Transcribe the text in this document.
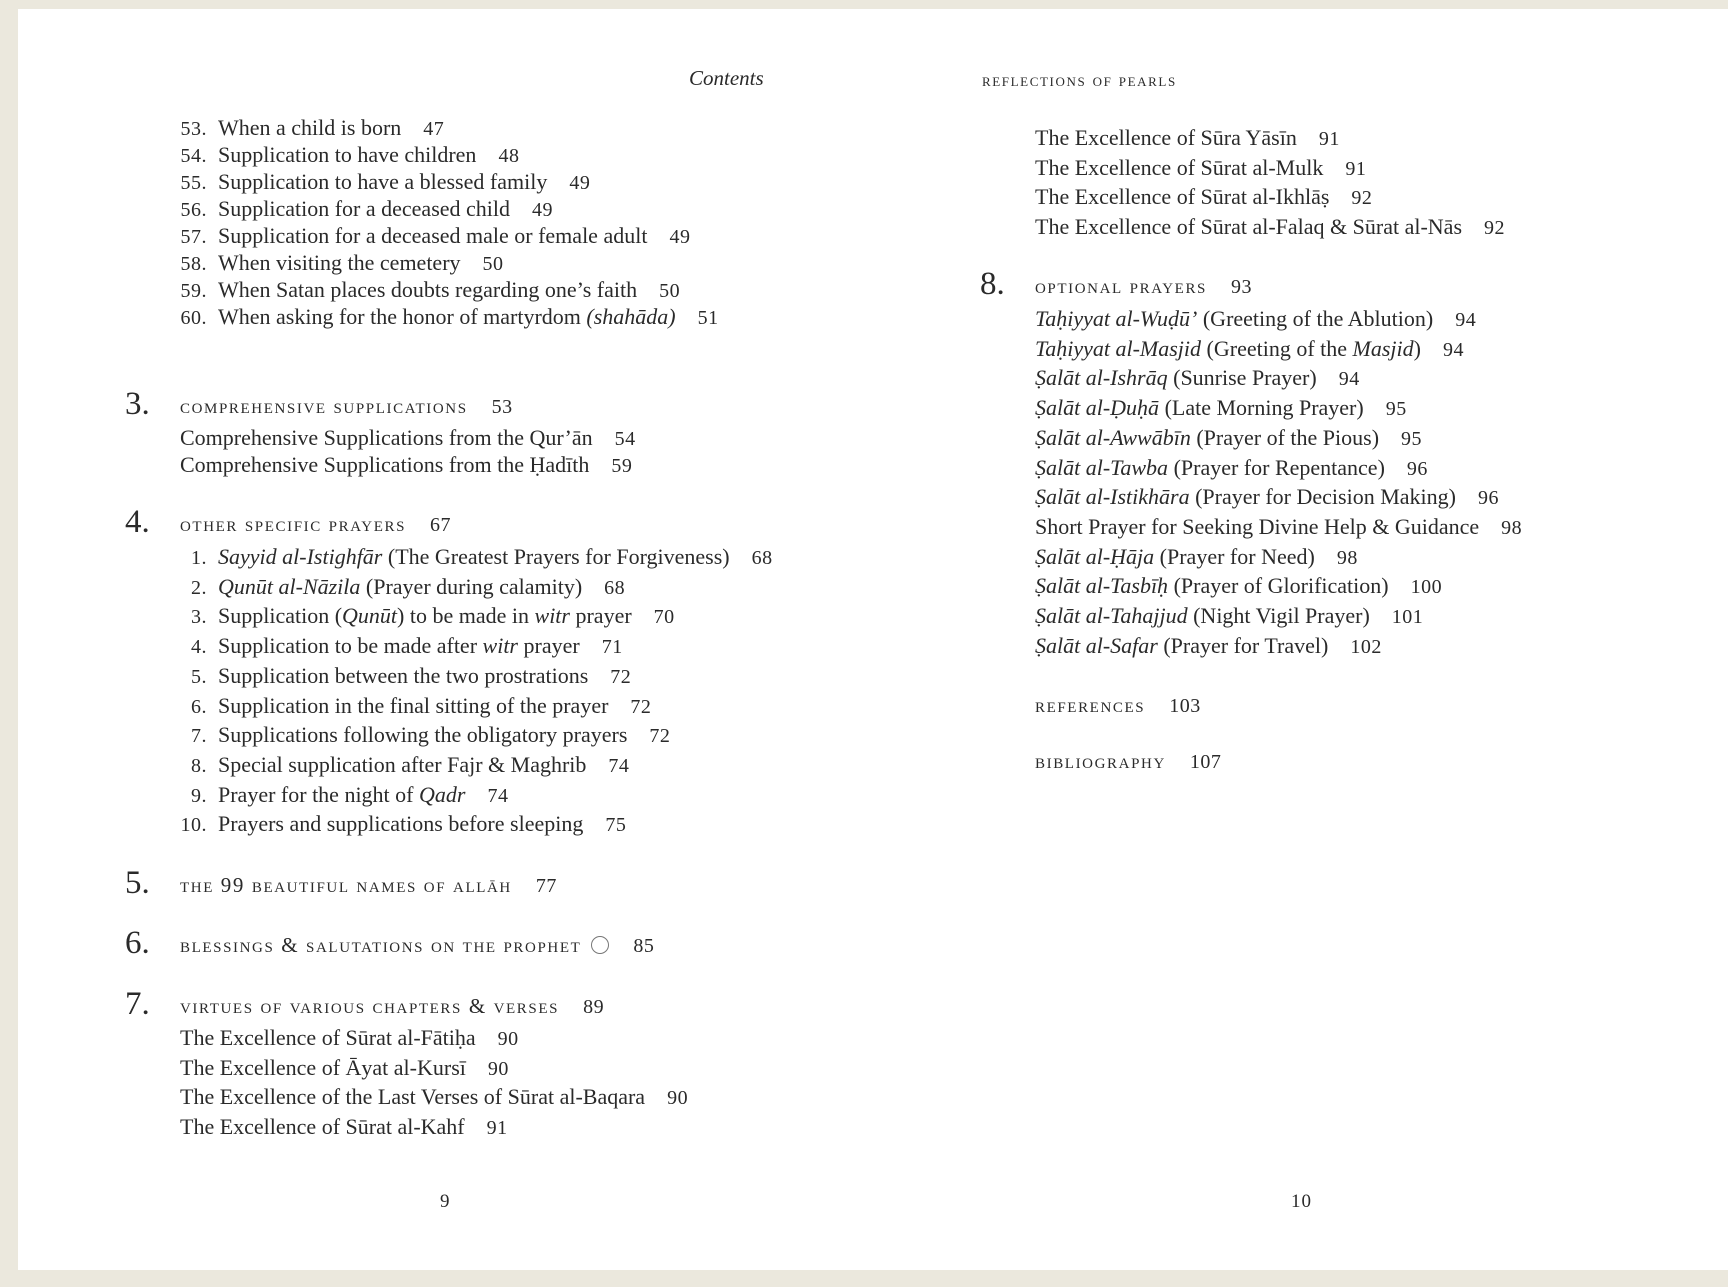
Contents
53. When a child is born 47
54. Supplication to have children 48
55. Supplication to have a blessed family 49
56. Supplication for a deceased child 49
57. Supplication for a deceased male or female adult 49
58. When visiting the cemetery 50
59. When Satan places doubts regarding one’s faith 50
60. When asking for the honor of martyrdom (shahāda) 51
3. comprehensive supplications 53
Comprehensive Supplications from the Qur’ān 54
Comprehensive Supplications from the Ḥadīth 59
4. other specific prayers 67
1. Sayyid al-Istighfār (The Greatest Prayers for Forgiveness) 68
2. Qunūt al-Nāzila (Prayer during calamity) 68
3. Supplication (Qunūt) to be made in witr prayer 70
4. Supplication to be made after witr prayer 71
5. Supplication between the two prostrations 72
6. Supplication in the final sitting of the prayer 72
7. Supplications following the obligatory prayers 72
8. Special supplication after Fajr & Maghrib 74
9. Prayer for the night of Qadr 74
10. Prayers and supplications before sleeping 75
5. the 99 beautiful names of allāh 77
6. blessings & salutations on the prophet	85
7. virtues of various chapters & verses 89
The Excellence of Sūrat al-Fātiḥa 90
The Excellence of Āyat al-Kursī 90
The Excellence of the Last Verses of Sūrat al-Baqara 90
The Excellence of Sūrat al-Kahf 91
9
reflections of pearls
The Excellence of Sūra Yāsīn 91
The Excellence of Sūrat al-Mulk 91
The Excellence of Sūrat al-Ikhlāṣ 92
The Excellence of Sūrat al-Falaq & Sūrat al-Nās 92
8. optional prayers 93
Taḥiyyat al-Wuḍū’ (Greeting of the Ablution) 94
Taḥiyyat al-Masjid (Greeting of the Masjid) 94
Ṣalāt al-Ishrāq (Sunrise Prayer) 94
Ṣalāt al-Ḍuḥā (Late Morning Prayer) 95
Ṣalāt al-Awwābīn (Prayer of the Pious) 95
Ṣalāt al-Tawba (Prayer for Repentance) 96
Ṣalāt al-Istikhāra (Prayer for Decision Making) 96
Short Prayer for Seeking Divine Help & Guidance 98
Ṣalāt al-Ḥāja (Prayer for Need) 98
Ṣalāt al-Tasbīḥ (Prayer of Glorification) 100
Ṣalāt al-Tahajjud (Night Vigil Prayer) 101
Ṣalāt al-Safar (Prayer for Travel) 102
references 103
bibliography 107
10
